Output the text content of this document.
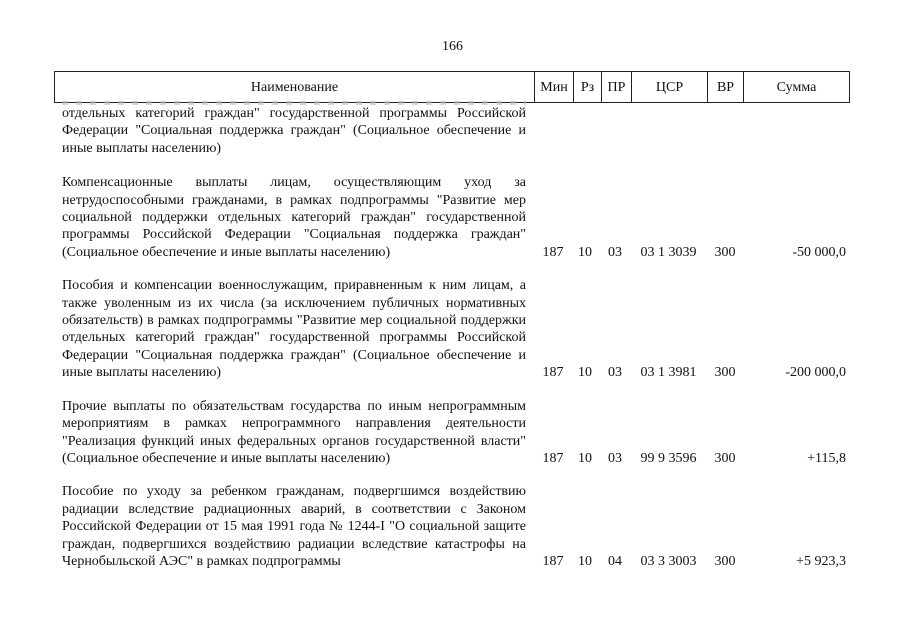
166
Наименование	Мин Рз ПР	ЦСР	ВР	Сумма
отдельных категорий граждан" государственной программы Российской Федерации "Социальная поддержка граждан" (Социальное обеспечение и иные выплаты населению)
Компенсационные выплаты лицам, осуществляющим уход за нетрудоспособными гражданами, в рамках подпрограммы "Развитие мер социальной поддержки отдельных категорий граждан" государственной программы Российской Федерации "Социальная поддержка граждан" (Социальное обеспечение и иные выплаты населению)	187	10	03	03 1 3039	300	-50 000,0
Пособия и компенсации военнослужащим, приравненным к ним лицам, а также уволенным из их числа (за исключением публичных нормативных обязательств) в рамках подпрограммы "Развитие мер социальной поддержки отдельных категорий граждан" государственной программы Российской Федерации "Социальная поддержка граждан" (Социальное обеспечение и иные выплаты населению)	187	10	03	03 1 3981	300	-200 000,0
Прочие выплаты по обязательствам государства по иным непрограммным мероприятиям в рамках непрограммного направления деятельности "Реализация функций иных федеральных органов государственной власти" (Социальное обеспечение и иные выплаты населению)	187	10	03	99 9 3596	300	+115,8
Пособие по уходу за ребенком гражданам, подвергшимся воздействию радиации вследствие радиационных аварий, в соответствии с Законом Российской Федерации от 15 мая 1991 года № 1244-I "О социальной защите граждан, подвергшихся воздействию радиации вследствие катастрофы на Чернобыльской АЭС" в рамках подпрограммы	187	10	04	03 3 3003	300	+5 923,3
